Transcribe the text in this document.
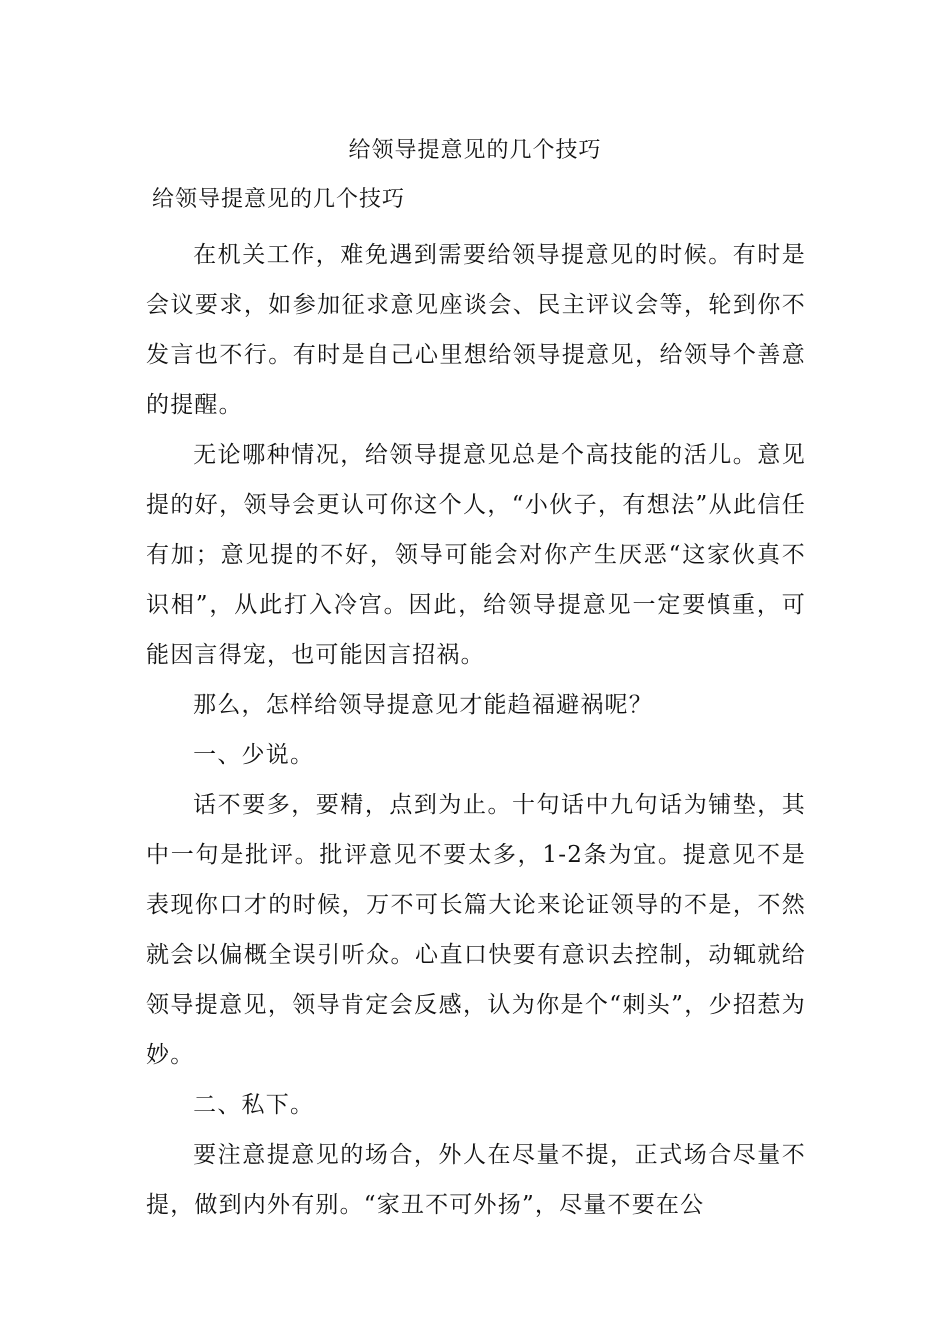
给领导提意见的几个技巧
给领导提意见的几个技巧

在机关工作，难免遇到需要给领导提意见的时候。有时是会议要求，如参加征求意见座谈会、民主评议会等，轮到你不发言也不行。有时是自己心里想给领导提意见，给领导个善意的提醒。

无论哪种情况，给领导提意见总是个高技能的活儿。意见提的好，领导会更认可你这个人，“小伙子，有想法”从此信任有加；意见提的不好，领导可能会对你产生厌恶“这家伙真不识相”，从此打入冷宫。因此，给领导提意见一定要慎重，可能因言得宠，也可能因言招祸。

那么，怎样给领导提意见才能趋福避祸呢？

一、少说。

话不要多，要精，点到为止。十句话中九句话为铺垫，其中一句是批评。批评意见不要太多，1-2条为宜。提意见不是表现你口才的时候，万不可长篇大论来论证领导的不是，不然就会以偏概全误引听众。心直口快要有意识去控制，动辄就给领导提意见，领导肯定会反感，认为你是个“刺头”，少招惹为妙。

二、私下。

要注意提意见的场合，外人在尽量不提，正式场合尽量不提，做到内外有别。“家丑不可外扬”，尽量不要在公
